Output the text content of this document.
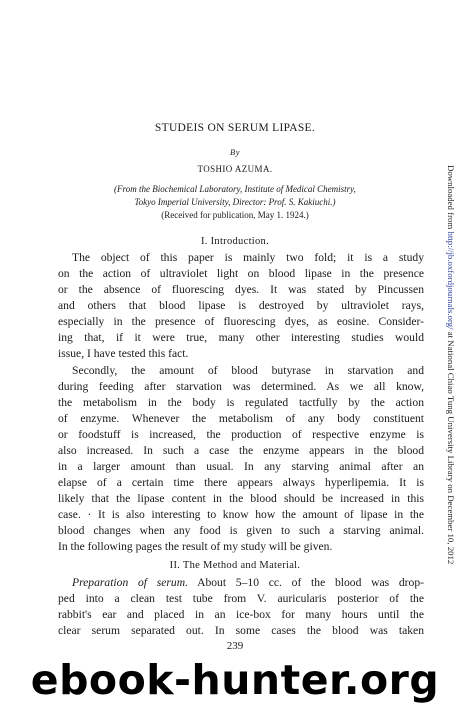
STUDEIS ON SERUM LIPASE.
By
TOSHIO AZUMA.
(From the Biochemical Laboratory, Institute of Medical Chemistry,
Tokyo Imperial University, Director: Prof. S. Kakiuchi.)
(Received for publication, May 1. 1924.)
I. Introduction.
The object of this paper is mainly two fold; it is a study
on the action of ultraviolet light on blood lipase in the presence
or the absence of fluorescing dyes. It was stated by Pincussen
and others that blood lipase is destroyed by ultraviolet rays,
especially in the presence of fluorescing dyes, as eosine. Consider-
ing that, if it were true, many other interesting studies would
issue, I have tested this fact.
Secondly, the amount of blood butyrase in starvation and
during feeding after starvation was determined. As we all know,
the metabolism in the body is regulated tactfully by the action
of enzyme. Whenever the metabolism of any body constituent
or foodstuff is increased, the production of respective enzyme is
also increased. In such a case the enzyme appears in the blood
in a larger amount than usual. In any starving animal after an
elapse of a certain time there appears always hyperlipemia. It is
likely that the lipase content in the blood should be increased in this
case. · It is also interesting to know how the amount of lipase in the
blood changes when any food is given to such a starving animal.
In the following pages the result of my study will be given.
II. The Method and Material.
Preparation of serum. About 5–10 cc. of the blood was drop-
ped into a clean test tube from V. auricularis posterior of the
rabbit's ear and placed in an ice-box for many hours until the
clear serum separated out. In some cases the blood was taken
239
Downloaded from http://jb.oxfordjournals.org/ at National Chiao Tung University Library on December 10, 2012
ebook-hunter.org
